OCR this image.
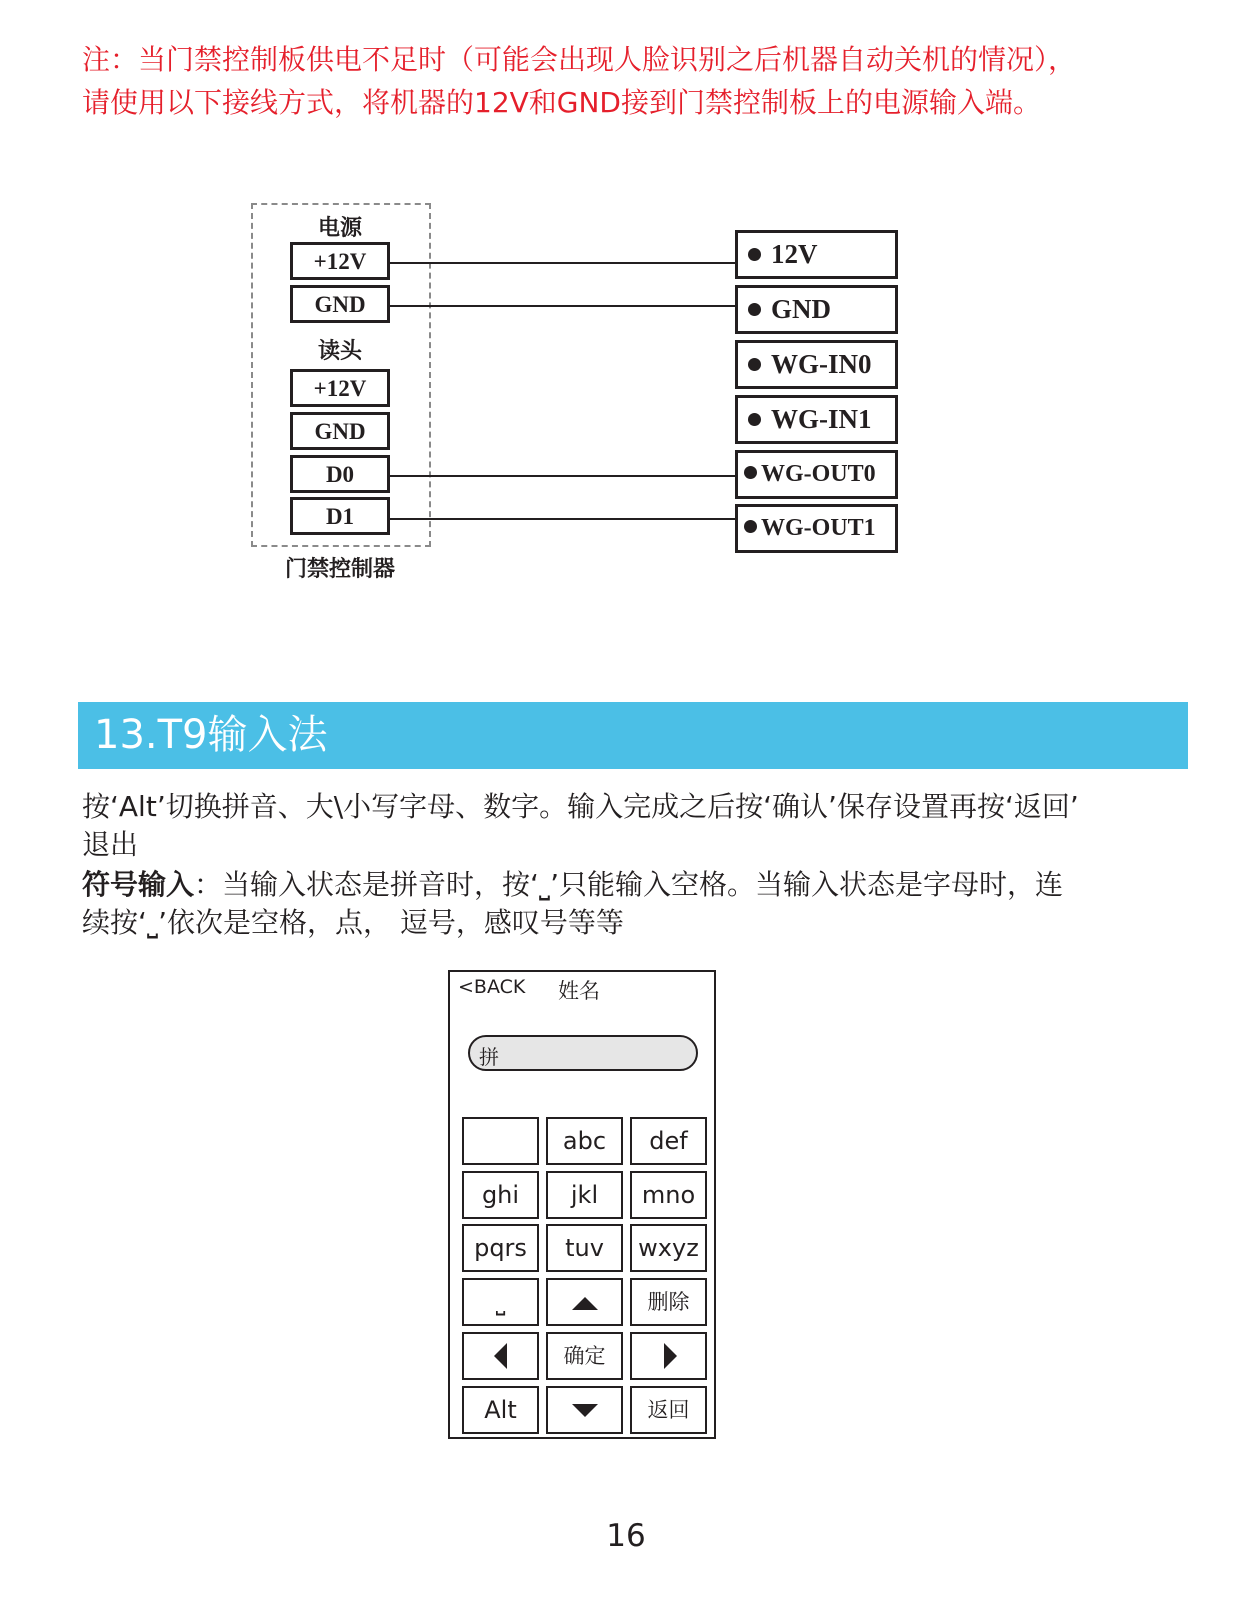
注：当门禁控制板供电不足时（可能会出现人脸识别之后机器自动关机的情况），
请使用以下接线方式，将机器的12V和GND接到门禁控制板上的电源输入端。
电源
读头
+12V
GND
+12V
GND
D0
D1
12V
GND
WG-IN0
WG-IN1
WG-OUT0
WG-OUT1
门禁控制器
13.T9输入法
按‘Alt’切换拼音、大\小写字母、数字。输入完成之后按‘确认’保存设置再按‘返回’
退出
符号输入：当输入状态是拼音时，按‘⎵’只能输入空格。当输入状态是字母时，连
续按‘⎵’依次是空格，点， 逗号，感叹号等等
<BACK 姓名
拼
abc	def
ghi	jkl	mno
pqrs	tuv	wxyz
⎵	删除
确定
Alt	返回
16
